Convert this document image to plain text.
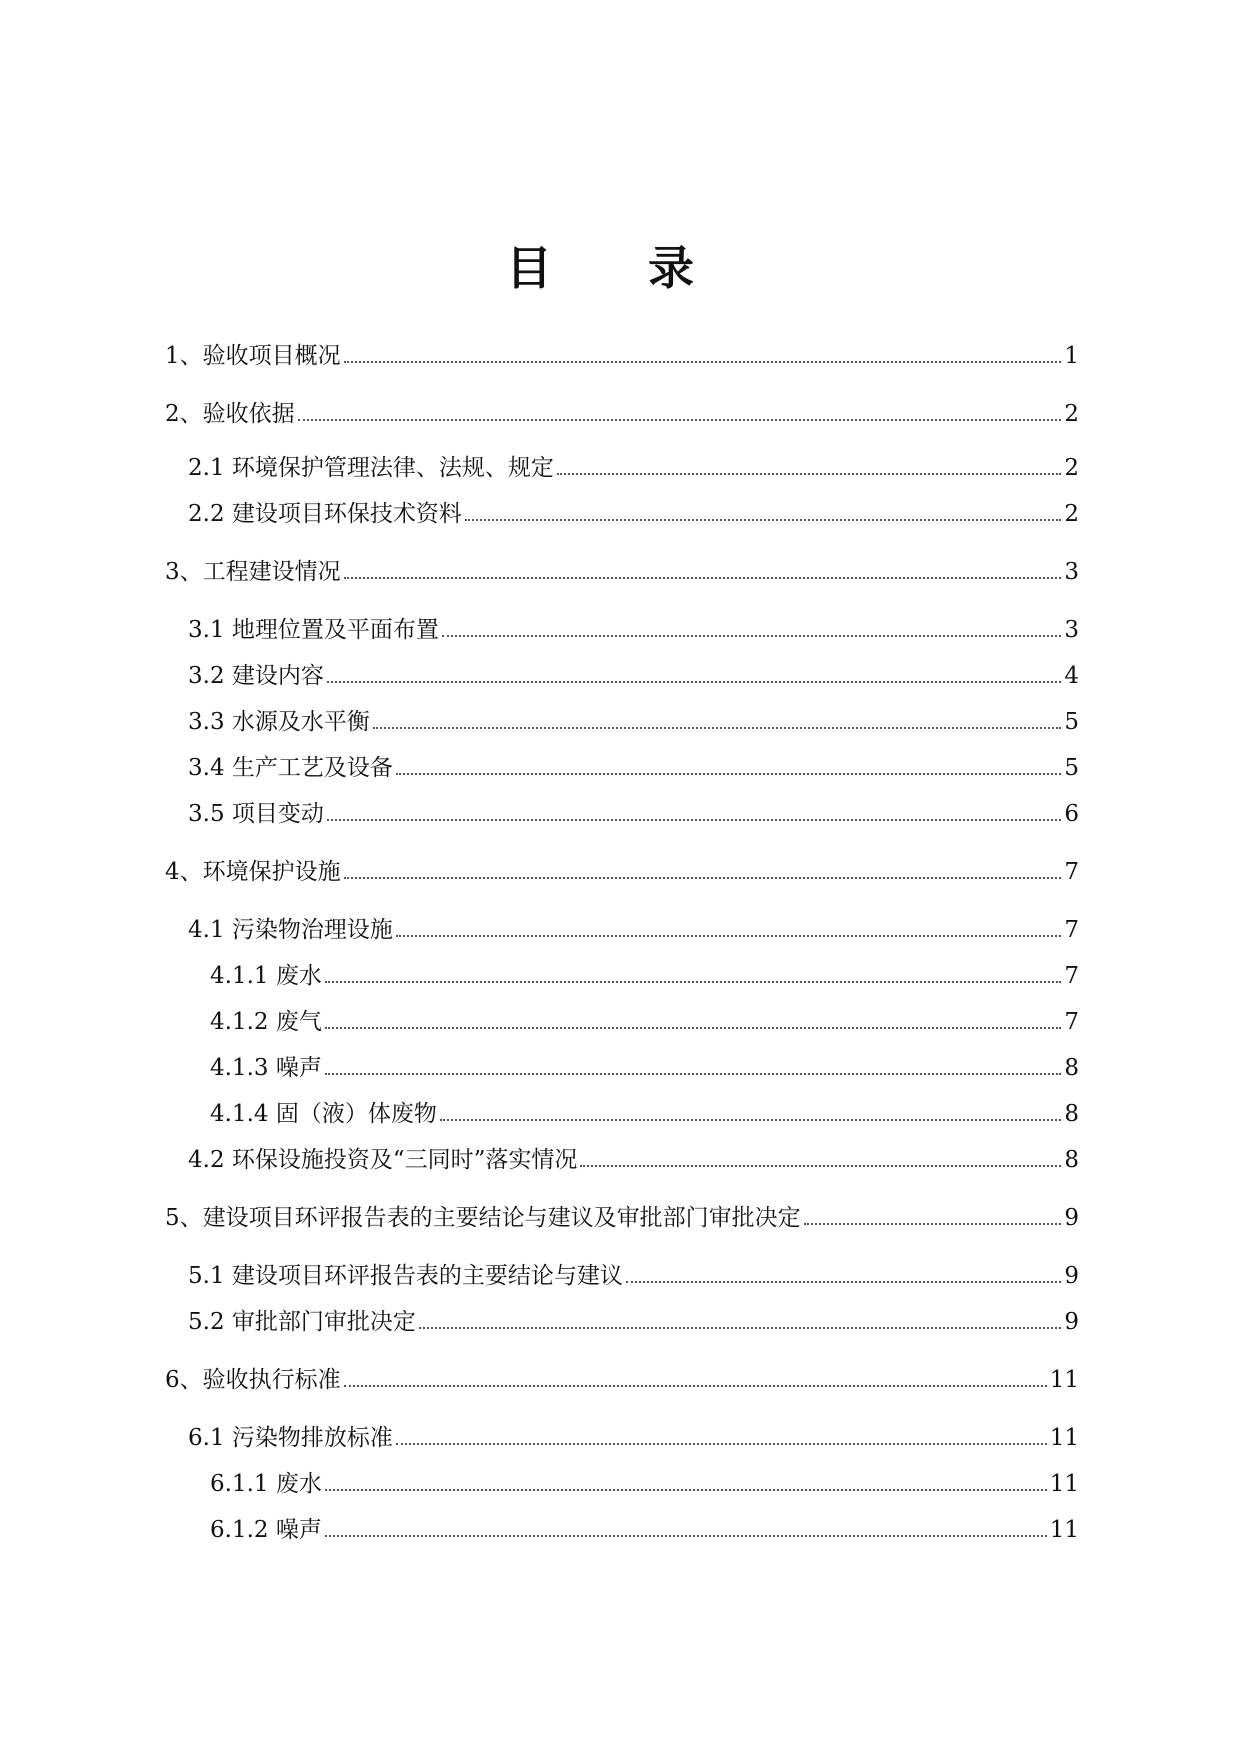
目 录
1、验收项目概况	1
2、验收依据	2
2.1 环境保护管理法律、法规、规定	2
2.2 建设项目环保技术资料	2
3、工程建设情况	3
3.1 地理位置及平面布置	3
3.2 建设内容	4
3.3 水源及水平衡	5
3.4 生产工艺及设备	5
3.5 项目变动	6
4、环境保护设施	7
4.1 污染物治理设施	7
4.1.1 废水	7
4.1.2 废气	7
4.1.3 噪声	8
4.1.4 固（液）体废物	8
4.2 环保设施投资及“三同时”落实情况	8
5、建设项目环评报告表的主要结论与建议及审批部门审批决定	9
5.1 建设项目环评报告表的主要结论与建议	9
5.2 审批部门审批决定	9
6、验收执行标准	11
6.1 污染物排放标准	11
6.1.1 废水	11
6.1.2 噪声	11
